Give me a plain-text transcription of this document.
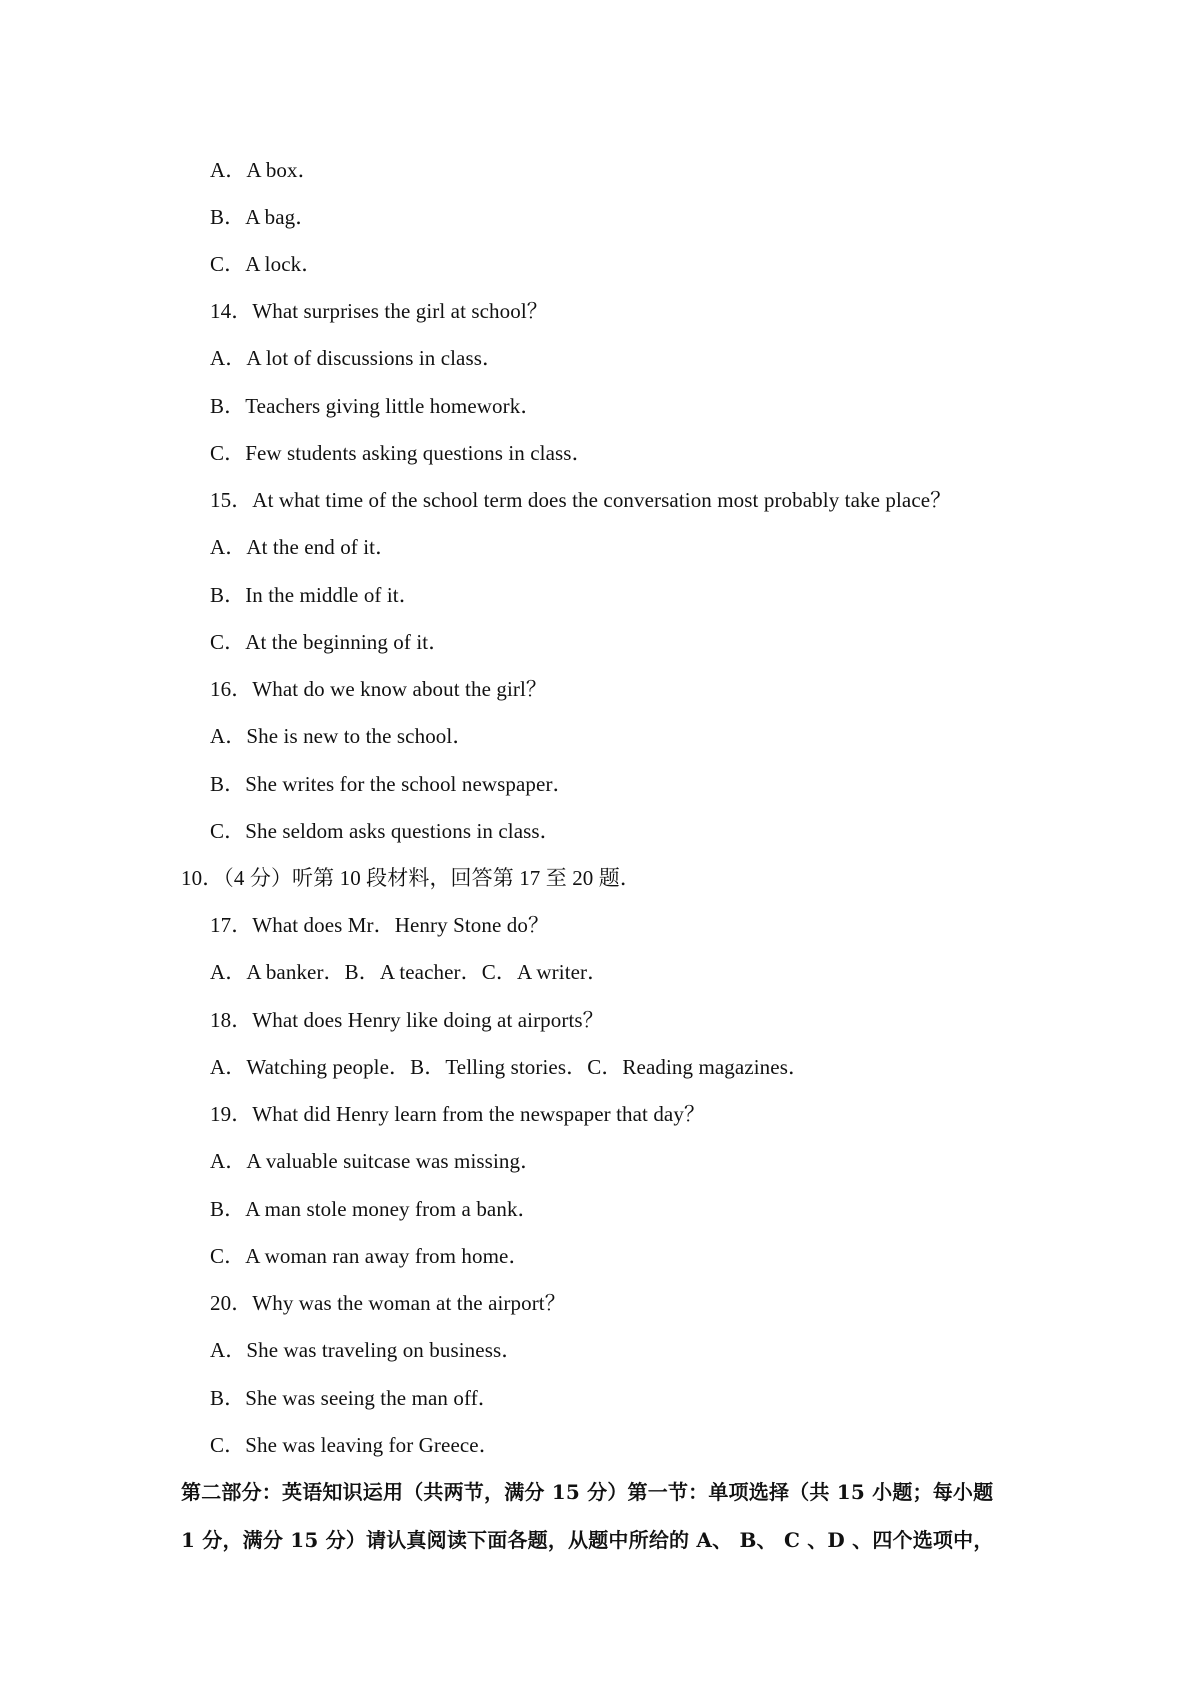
A．A box．
B．A bag．
C．A lock．
14．What surprises the girl at school？
A．A lot of discussions in class．
B．Teachers giving little homework．
C．Few students asking questions in class．
15．At what time of the school term does the conversation most probably take place？
A．At the end of it．
B．In the middle of it．
C．At the beginning of it．
16．What do we know about the girl？
A．She is new to the school．
B．She writes for the school newspaper．
C．She seldom asks questions in class．
10．（4 分）听第 10 段材料，回答第 17 至 20 题．
17．What does Mr．Henry Stone do？
A．A banker．B．A teacher．C．A writer．
18．What does Henry like doing at airports？
A．Watching people．B．Telling stories．C．Reading magazines．
19．What did Henry learn from the newspaper that day？
A．A valuable suitcase was missing．
B．A man stole money from a bank．
C．A woman ran away from home．
20．Why was the woman at the airport？
A．She was traveling on business．
B．She was seeing the man off．
C．She was leaving for Greece．
第二部分：英语知识运用（共两节，满分 15 分）第一节：单项选择（共 15 小题；每小题
1 分，满分 15 分）请认真阅读下面各题，从题中所给的 A、 B、 C 、D 、四个选项中，
